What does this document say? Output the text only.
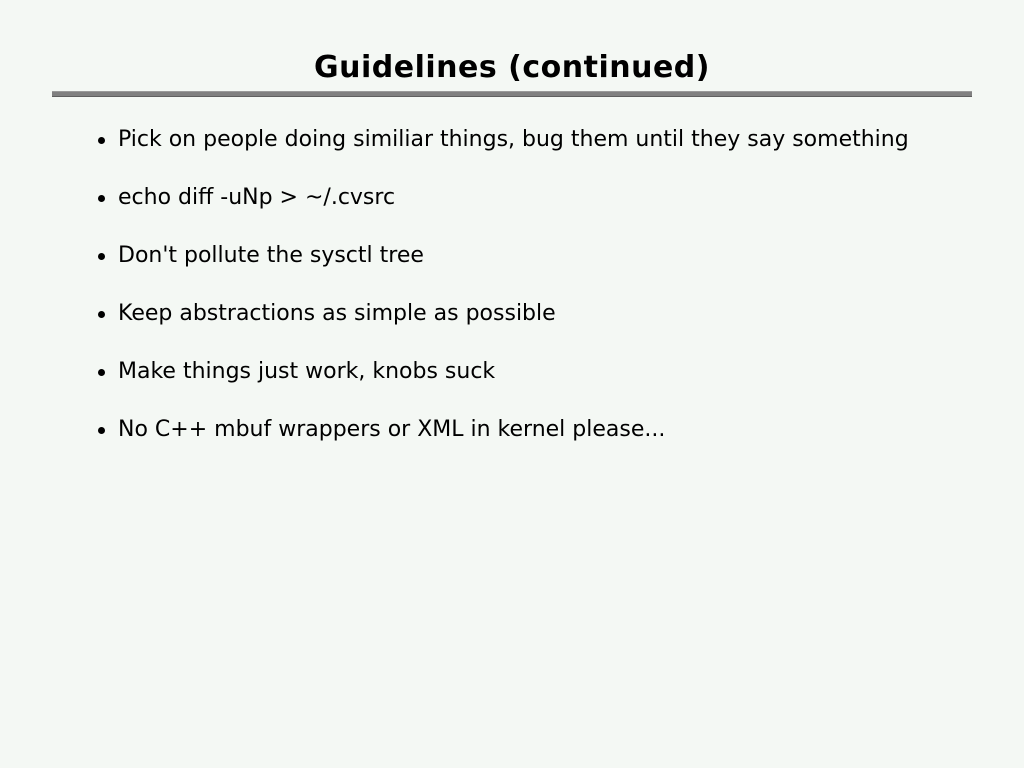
Guidelines (continued)
Pick on people doing similiar things, bug them until they say something
echo diff -uNp > ~/.cvsrc
Don't pollute the sysctl tree
Keep abstractions as simple as possible
Make things just work, knobs suck
No C++ mbuf wrappers or XML in kernel please...
